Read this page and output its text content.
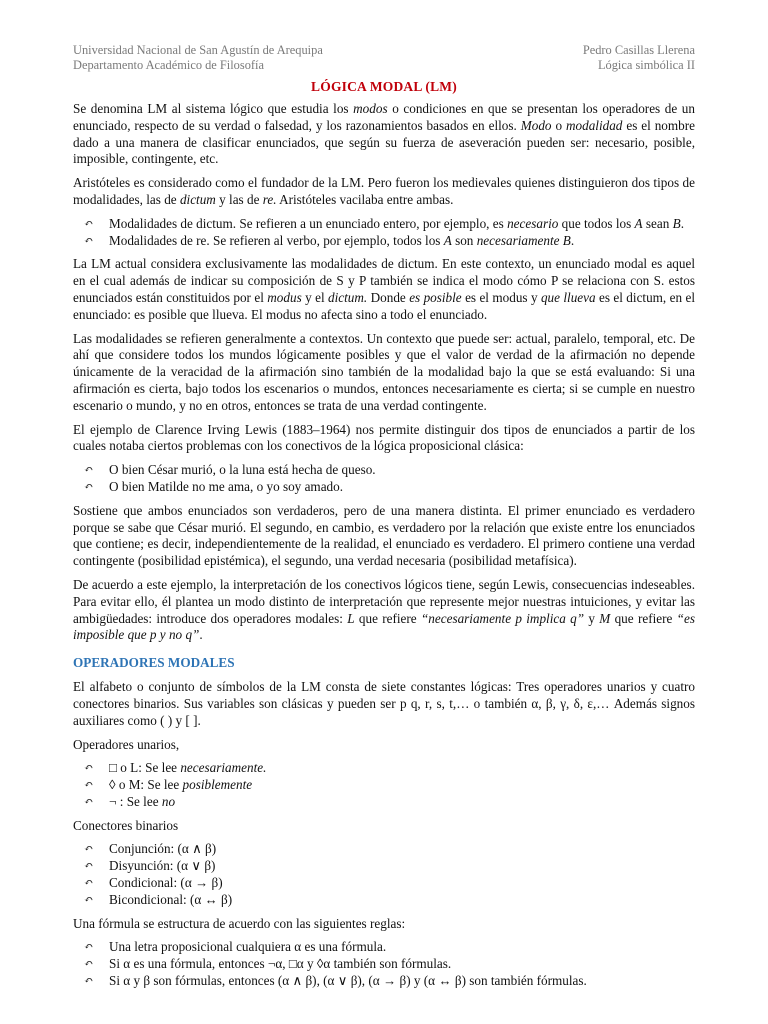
Universidad Nacional de San Agustín de Arequipa
Departamento Académico de Filosofía
Pedro Casillas Llerena
Lógica simbólica II
LÓGICA MODAL (LM)

Se denomina LM al sistema lógico que estudia los modos o condiciones en que se presentan los operadores de un enunciado, respecto de su verdad o falsedad, y los razonamientos basados en ellos. Modo o modalidad es el nombre dado a una manera de clasificar enunciados, que según su fuerza de aseveración pueden ser: necesario, posible, imposible, contingente, etc.

Aristóteles es considerado como el fundador de la LM. Pero fueron los medievales quienes distinguieron dos tipos de modalidades, las de dictum y las de re. Aristóteles vacilaba entre ambas.

↶ Modalidades de dictum. Se refieren a un enunciado entero, por ejemplo, es necesario que todos los A sean B.
↶ Modalidades de re. Se refieren al verbo, por ejemplo, todos los A son necesariamente B.

La LM actual considera exclusivamente las modalidades de dictum. En este contexto, un enunciado modal es aquel en el cual además de indicar su composición de S y P también se indica el modo cómo P se relaciona con S. estos enunciados están constituidos por el modus y el dictum. Donde es posible es el modus y que llueva es el dictum, en el enunciado: es posible que llueva. El modus no afecta sino a todo el enunciado.

Las modalidades se refieren generalmente a contextos. Un contexto que puede ser: actual, paralelo, temporal, etc. De ahí que considere todos los mundos lógicamente posibles y que el valor de verdad de la afirmación no depende únicamente de la veracidad de la afirmación sino también de la modalidad bajo la que se está evaluando: Si una afirmación es cierta, bajo todos los escenarios o mundos, entonces necesariamente es cierta; si se cumple en nuestro escenario o mundo, y no en otros, entonces se trata de una verdad contingente.

El ejemplo de Clarence Irving Lewis (1883–1964) nos permite distinguir dos tipos de enunciados a partir de los cuales notaba ciertos problemas con los conectivos de la lógica proposicional clásica:

↶ O bien César murió, o la luna está hecha de queso.
↶ O bien Matilde no me ama, o yo soy amado.

Sostiene que ambos enunciados son verdaderos, pero de una manera distinta. El primer enunciado es verdadero porque se sabe que César murió. El segundo, en cambio, es verdadero por la relación que existe entre los enunciados que contiene; es decir, independientemente de la realidad, el enunciado es verdadero. El primero contiene una verdad contingente (posibilidad epistémica), el segundo, una verdad necesaria (posibilidad metafísica).

De acuerdo a este ejemplo, la interpretación de los conectivos lógicos tiene, según Lewis, consecuencias indeseables. Para evitar ello, él plantea un modo distinto de interpretación que represente mejor nuestras intuiciones, y evitar las ambigüedades: introduce dos operadores modales: L que refiere “necesariamente p implica q” y M que refiere “es imposible que p y no q”.

OPERADORES MODALES

El alfabeto o conjunto de símbolos de la LM consta de siete constantes lógicas: Tres operadores unarios y cuatro conectores binarios. Sus variables son clásicas y pueden ser p q, r, s, t,… o también α, β, γ, δ, ε,… Además signos auxiliares como ( ) y [ ].

Operadores unarios,

↶ □ o L: Se lee necesariamente.
↶ ◊ o M: Se lee posiblemente
↶ ¬ : Se lee no

Conectores binarios

↶ Conjunción: (α ∧ β)
↶ Disyunción: (α ∨ β)
↶ Condicional: (α → β)
↶ Bicondicional: (α ↔ β)

Una fórmula se estructura de acuerdo con las siguientes reglas:

↶ Una letra proposicional cualquiera α es una fórmula.
↶ Si α es una fórmula, entonces ¬α, □α y ◊α también son fórmulas.
↶ Si α y β son fórmulas, entonces (α ∧ β), (α ∨ β), (α → β) y (α ↔ β) son también fórmulas.
